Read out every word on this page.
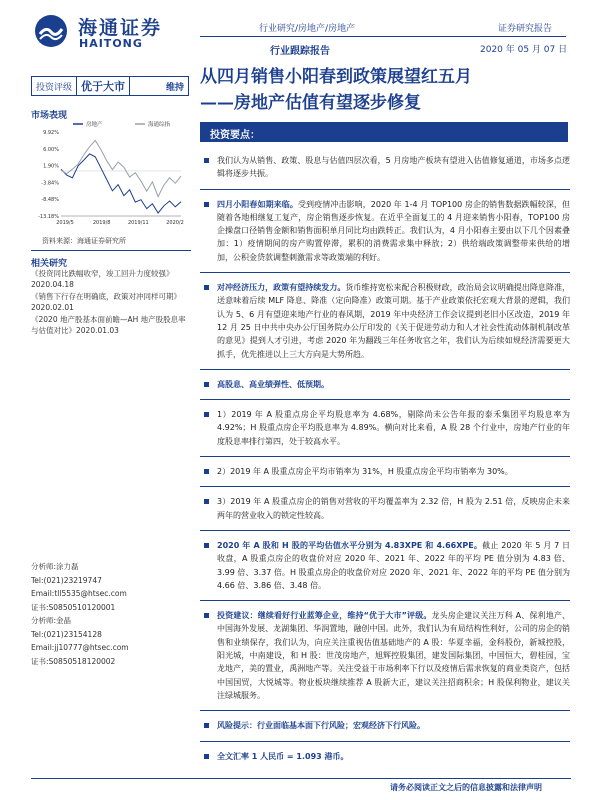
海通证券
HAITONG
行业研究/房地产/房地产
行业跟踪报告
证券研究报告
2020 年 05 月 07 日
投资评级 优于大市	维持
从四月销售小阳春到政策展望红五月
——房地产估值有望逐步修复
市场表现
房地产	海通综指
9.92%
6.00%
1.90%
-3.84%
-8.48%
-13.18%
2019/5	2019/8	2019/11	2020/2
资料来源：海通证券研究所
相关研究
《投资同比跌幅收窄，竣工回升力度较强》2020.04.18
《销售下行存在明确底，政策对冲同样可期》2020.02.01
《2020 地产股基本面前瞻—AH 地产股股息率与估值对比》2020.01.03
分析师:涂力磊
Tel:(021)23219747
Email:tll5535@htsec.com
证书:S0850510120001
分析师:金晶
Tel:(021)23154128
Email:jj10777@htsec.com
证书:S0850518120002
投资要点：
我们认为从销售、政策、股息与估值四层次看，5 月房地产板块有望进入估值修复通道，市场多点逻辑将逐步共振。
四月小阳春如期来临。受到疫情冲击影响，2020 年 1-4 月 TOP100 房企的销售数据跌幅较深，但随着各地相继复工复产，房企销售逐步恢复。在近乎全面复工的 4 月迎来销售小阳春，TOP100 房企操盘口径销售金额和销售面积单月同比均由跌转正。我们认为，4 月小阳春主要由以下几个因素叠加：1）疫情期间的房产购置停滞，累积的消费需求集中释放；2）供给端政策调整带来供给的增加，公积金贷款调整刺激需求等政策端的利好。
对冲经济压力，政策有望持续发力。货币维持宽松来配合积极财政，政治局会议明确提出降息降准，送意味着后续 MLF 降息、降准（定向降准）政策可期。基于产业政策依托宏观大背景的逻辑，我们认为 5、6 月有望迎来地产行业的春风期，2019 年中央经济工作会议提到老旧小区改造，2019 年 12 月 25 日中共中央办公厅国务院办公厅印发的《关于促进劳动力和人才社会性流动体制机制改革的意见》提到人才引进，考虑 2020 年为翻践三年任务收官之年，我们认为后续如规经济需要更大抓手，优先推进以上三大方向是大势所趋。
高股息、高业绩弹性、低预期。
1）2019 年 A 股重点房企平均股息率为 4.68%，剔除尚未公告年报的泰禾集团平均股息率为 4.92%；H 股重点房企平均股息率为 4.89%。横向对比来看，A 股 28 个行业中，房地产行业的年度股息率排行第四，处于较高水平。
2）2019 年 A 股重点房企平均市销率为 31%，H 股重点房企平均市销率为 30%。
3）2019 年 A 股重点房企的销售对营收的平均覆盖率为 2.32 倍，H 股为 2.51 倍，反映房企未来两年的营业收入的锁定性较高。
2020 年 A 股和 H 股的平均估值水平分别为 4.83XPE 和 4.66XPE。截止 2020 年 5 月 7 日收盘，A 股重点房企的收盘价对应 2020 年、2021 年、2022 年的平均 PE 值分别为 4.83 倍、3.99 倍、3.37 倍。H 股重点房企的收盘价对应 2020 年、2021 年、2022 年的平均 PE 值分别为 4.66 倍、3.86 倍、3.48 倍。
投资建议：继续看好行业蓝筹企业，维持“优于大市”评级。龙头房企建议关注万科 A、保利地产、中国海外发展、龙湖集团、华润置地，融创中国。此外，我们认为有局结构性利好，公司的房企的销售和业绩保存，我们认为，向应关注重视估值基础地产的 A 股：华夏幸福，金科股份，新城控股，阳光城，中南建设，和 H 股：世茂房地产，旭辉控股集团，建发国际集团，中国恒大，碧桂园，宝龙地产，美的置业，禹洲地产等。关注受益于市场利率下行以及疫情后需求恢复的商业类资产，包括中国国贸，大悦城等。物业板块继续推荐 A 股新大正，建议关注招商积余；H 股保利物业，建议关注绿城服务。
风险提示：行业面临基本面下行风险；宏观经济下行风险。
全文汇率 1 人民币 = 1.093 港币。
请务必阅读正文之后的信息披露和法律声明
